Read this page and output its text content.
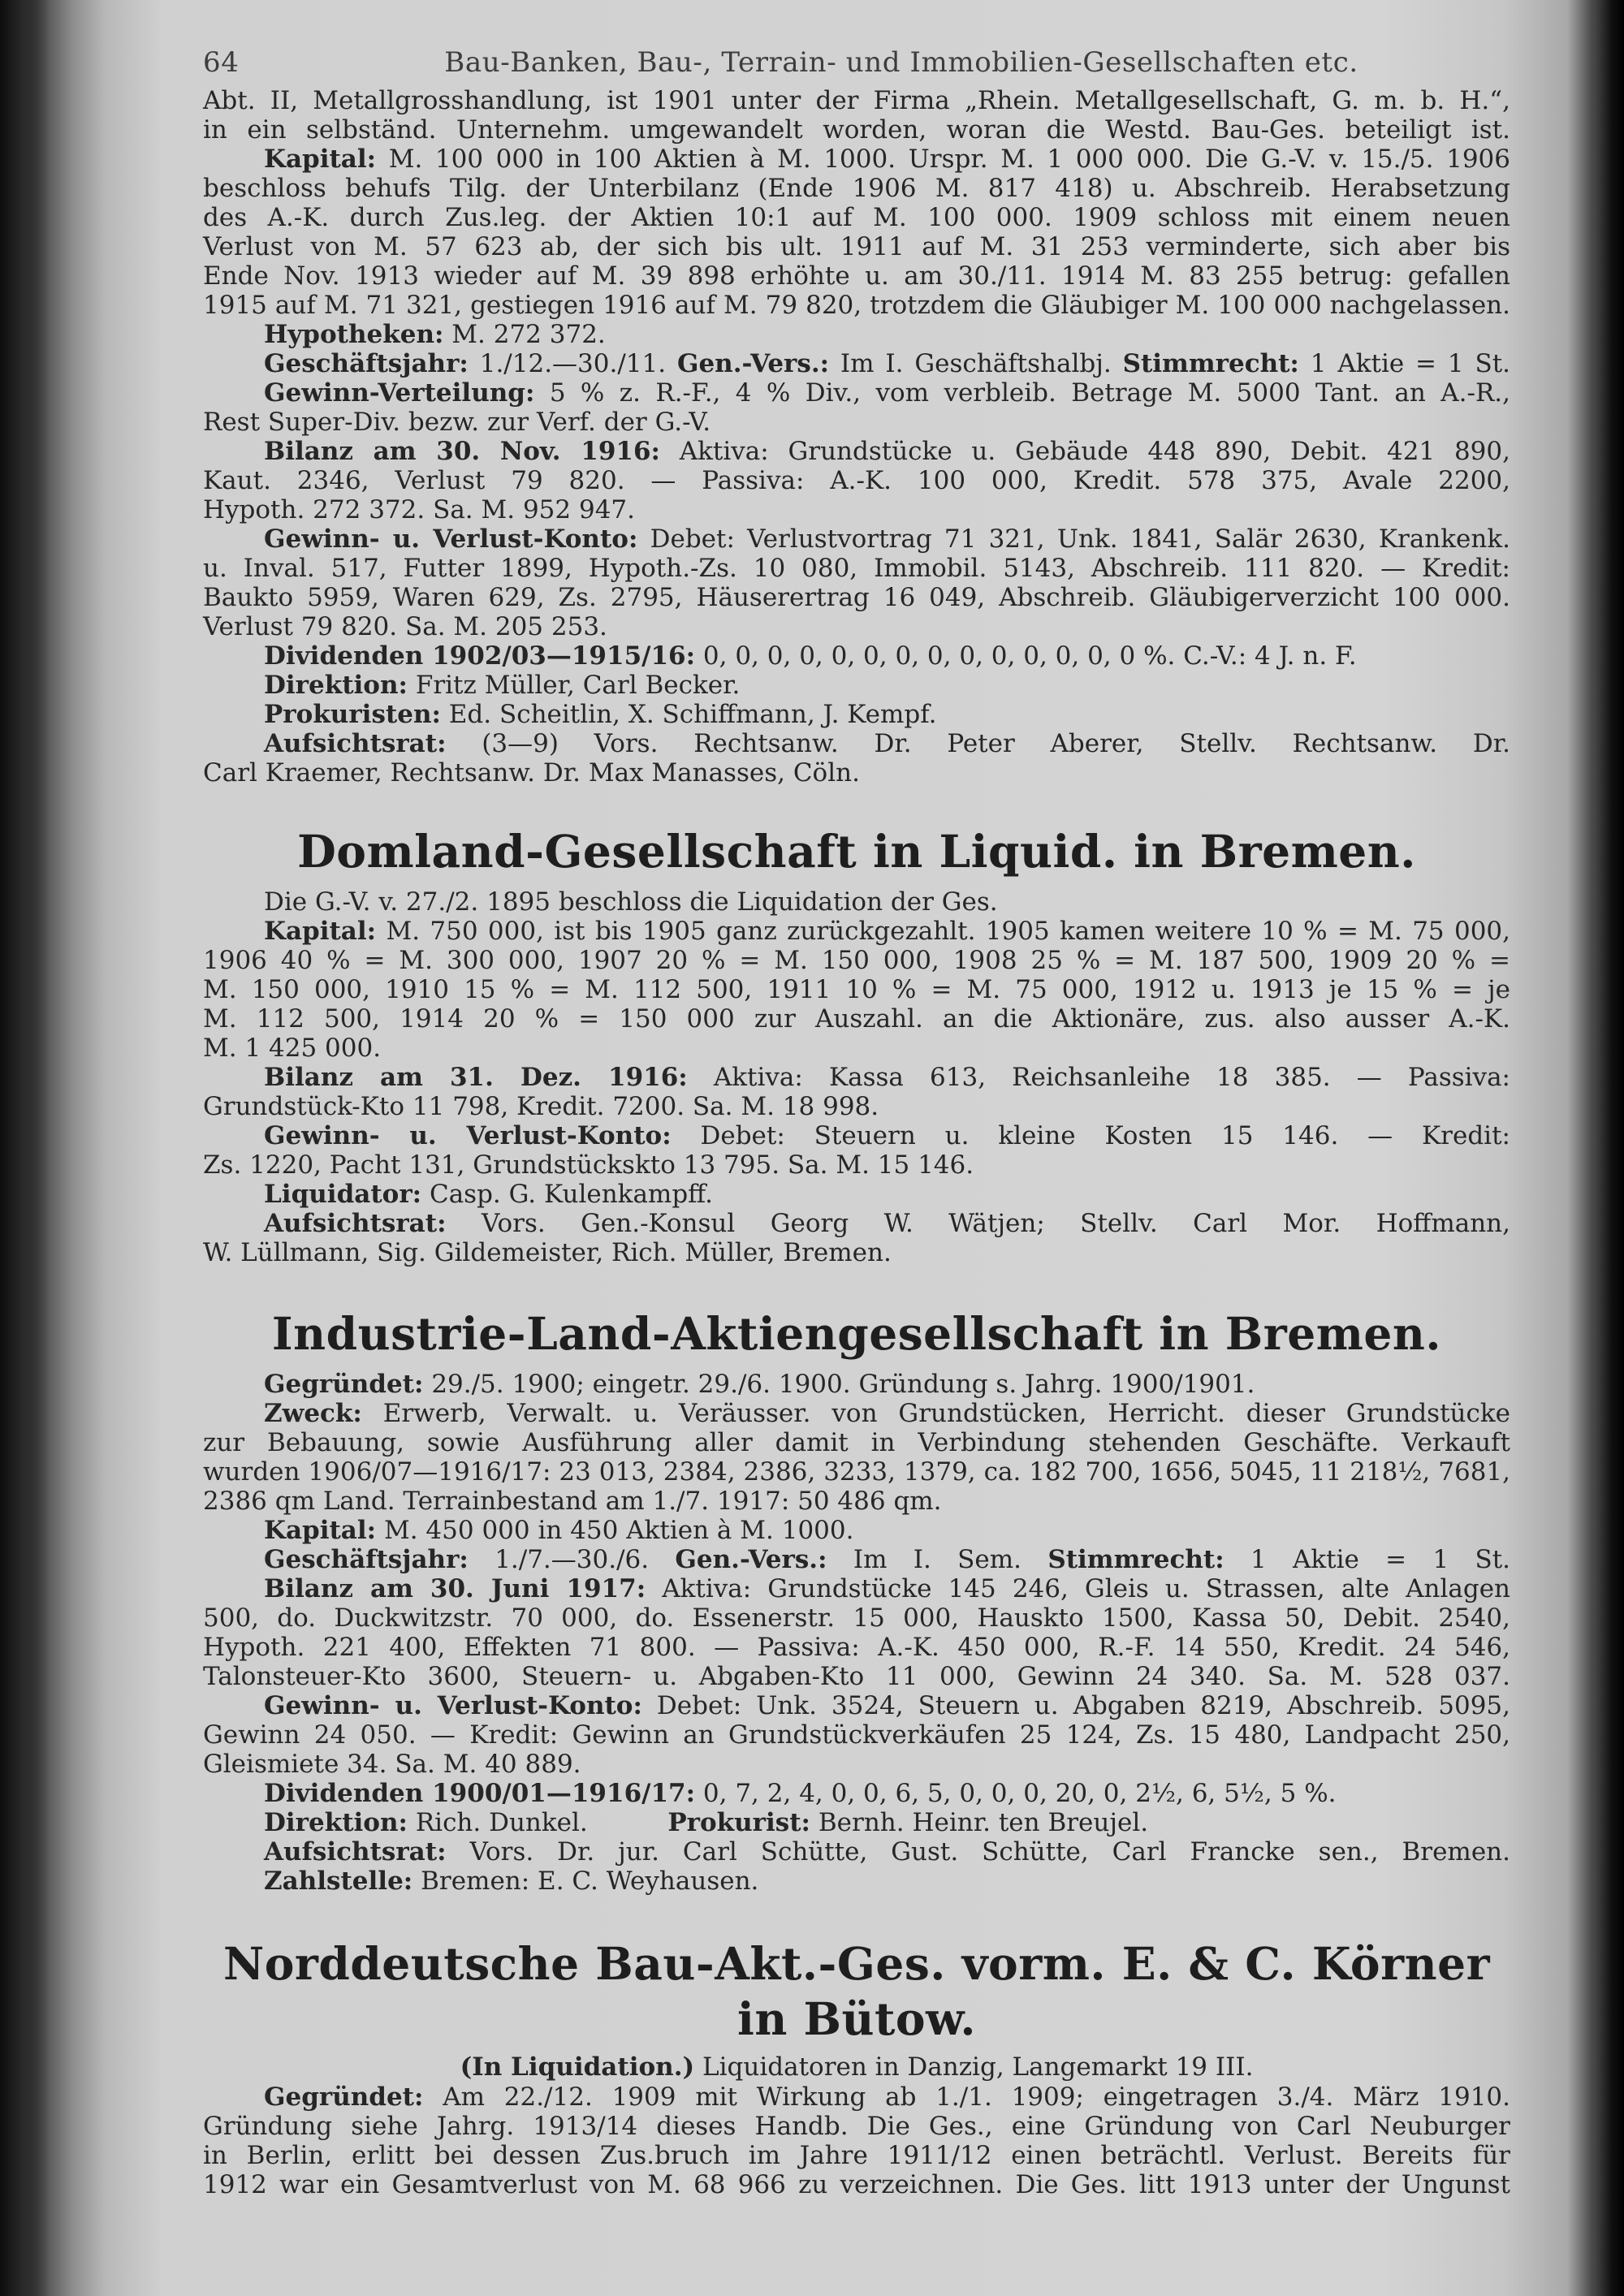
64	Bau-Banken, Bau-, Terrain- und Immobilien-Gesellschaften etc.
Abt. II, Metallgrosshandlung, ist 1901 unter der Firma „Rhein. Metallgesellschaft, G. m. b. H.“,
in ein selbständ. Unternehm. umgewandelt worden, woran die Westd. Bau-Ges. beteiligt ist.
Kapital: M. 100 000 in 100 Aktien à M. 1000. Urspr. M. 1 000 000. Die G.-V. v. 15./5. 1906
beschloss behufs Tilg. der Unterbilanz (Ende 1906 M. 817 418) u. Abschreib. Herabsetzung
des A.-K. durch Zus.leg. der Aktien 10:1 auf M. 100 000. 1909 schloss mit einem neuen
Verlust von M. 57 623 ab, der sich bis ult. 1911 auf M. 31 253 verminderte, sich aber bis
Ende Nov. 1913 wieder auf M. 39 898 erhöhte u. am 30./11. 1914 M. 83 255 betrug: gefallen
1915 auf M. 71 321, gestiegen 1916 auf M. 79 820, trotzdem die Gläubiger M. 100 000 nachgelassen.
Hypotheken: M. 272 372.
Geschäftsjahr: 1./12.—30./11. Gen.-Vers.: Im I. Geschäftshalbj. Stimmrecht: 1 Aktie = 1 St.
Gewinn-Verteilung: 5 % z. R.-F., 4 % Div., vom verbleib. Betrage M. 5000 Tant. an A.-R.,
Rest Super-Div. bezw. zur Verf. der G.-V.
Bilanz am 30. Nov. 1916: Aktiva: Grundstücke u. Gebäude 448 890, Debit. 421 890,
Kaut. 2346, Verlust 79 820. — Passiva: A.-K. 100 000, Kredit. 578 375, Avale 2200,
Hypoth. 272 372. Sa. M. 952 947.
Gewinn- u. Verlust-Konto: Debet: Verlustvortrag 71 321, Unk. 1841, Salär 2630, Krankenk.
u. Inval. 517, Futter 1899, Hypoth.-Zs. 10 080, Immobil. 5143, Abschreib. 111 820. — Kredit:
Baukto 5959, Waren 629, Zs. 2795, Häuserertrag 16 049, Abschreib. Gläubigerverzicht 100 000.
Verlust 79 820. Sa. M. 205 253.
Dividenden 1902/03—1915/16: 0, 0, 0, 0, 0, 0, 0, 0, 0, 0, 0, 0, 0, 0 %. C.-V.: 4 J. n. F.
Direktion: Fritz Müller, Carl Becker.
Prokuristen: Ed. Scheitlin, X. Schiffmann, J. Kempf.
Aufsichtsrat: (3—9) Vors. Rechtsanw. Dr. Peter Aberer, Stellv. Rechtsanw. Dr.
Carl Kraemer, Rechtsanw. Dr. Max Manasses, Cöln.
Domland-Gesellschaft in Liquid. in Bremen.
Die G.-V. v. 27./2. 1895 beschloss die Liquidation der Ges.
Kapital: M. 750 000, ist bis 1905 ganz zurückgezahlt. 1905 kamen weitere 10 % = M. 75 000,
1906 40 % = M. 300 000, 1907 20 % = M. 150 000, 1908 25 % = M. 187 500, 1909 20 % =
M. 150 000, 1910 15 % = M. 112 500, 1911 10 % = M. 75 000, 1912 u. 1913 je 15 % = je
M. 112 500, 1914 20 % = 150 000 zur Auszahl. an die Aktionäre, zus. also ausser A.-K.
M. 1 425 000.
Bilanz am 31. Dez. 1916: Aktiva: Kassa 613, Reichsanleihe 18 385. — Passiva:
Grundstück-Kto 11 798, Kredit. 7200. Sa. M. 18 998.
Gewinn- u. Verlust-Konto: Debet: Steuern u. kleine Kosten 15 146. — Kredit:
Zs. 1220, Pacht 131, Grundstückskto 13 795. Sa. M. 15 146.
Liquidator: Casp. G. Kulenkampff.
Aufsichtsrat: Vors. Gen.-Konsul Georg W. Wätjen; Stellv. Carl Mor. Hoffmann,
W. Lüllmann, Sig. Gildemeister, Rich. Müller, Bremen.
Industrie-Land-Aktiengesellschaft in Bremen.
Gegründet: 29./5. 1900; eingetr. 29./6. 1900. Gründung s. Jahrg. 1900/1901.
Zweck: Erwerb, Verwalt. u. Veräusser. von Grundstücken, Herricht. dieser Grundstücke
zur Bebauung, sowie Ausführung aller damit in Verbindung stehenden Geschäfte. Verkauft
wurden 1906/07—1916/17: 23 013, 2384, 2386, 3233, 1379, ca. 182 700, 1656, 5045, 11 218½, 7681,
2386 qm Land. Terrainbestand am 1./7. 1917: 50 486 qm.
Kapital: M. 450 000 in 450 Aktien à M. 1000.
Geschäftsjahr: 1./7.—30./6. Gen.-Vers.: Im I. Sem. Stimmrecht: 1 Aktie = 1 St.
Bilanz am 30. Juni 1917: Aktiva: Grundstücke 145 246, Gleis u. Strassen, alte Anlagen
500, do. Duckwitzstr. 70 000, do. Essenerstr. 15 000, Hauskto 1500, Kassa 50, Debit. 2540,
Hypoth. 221 400, Effekten 71 800. — Passiva: A.-K. 450 000, R.-F. 14 550, Kredit. 24 546,
Talonsteuer-Kto 3600, Steuern- u. Abgaben-Kto 11 000, Gewinn 24 340. Sa. M. 528 037.
Gewinn- u. Verlust-Konto: Debet: Unk. 3524, Steuern u. Abgaben 8219, Abschreib. 5095,
Gewinn 24 050. — Kredit: Gewinn an Grundstückverkäufen 25 124, Zs. 15 480, Landpacht 250,
Gleismiete 34. Sa. M. 40 889.
Dividenden 1900/01—1916/17: 0, 7, 2, 4, 0, 0, 6, 5, 0, 0, 0, 20, 0, 2½, 6, 5½, 5 %.
Direktion: Rich. Dunkel.	Prokurist: Bernh. Heinr. ten Breujel.
Aufsichtsrat: Vors. Dr. jur. Carl Schütte, Gust. Schütte, Carl Francke sen., Bremen.
Zahlstelle: Bremen: E. C. Weyhausen.
Norddeutsche Bau-Akt.-Ges. vorm. E. & C. Körner in Bütow.
(In Liquidation.) Liquidatoren in Danzig, Langemarkt 19 III.
Gegründet: Am 22./12. 1909 mit Wirkung ab 1./1. 1909; eingetragen 3./4. März 1910.
Gründung siehe Jahrg. 1913/14 dieses Handb. Die Ges., eine Gründung von Carl Neuburger
in Berlin, erlitt bei dessen Zus.bruch im Jahre 1911/12 einen beträchtl. Verlust. Bereits für
1912 war ein Gesamtverlust von M. 68 966 zu verzeichnen. Die Ges. litt 1913 unter der Ungunst
